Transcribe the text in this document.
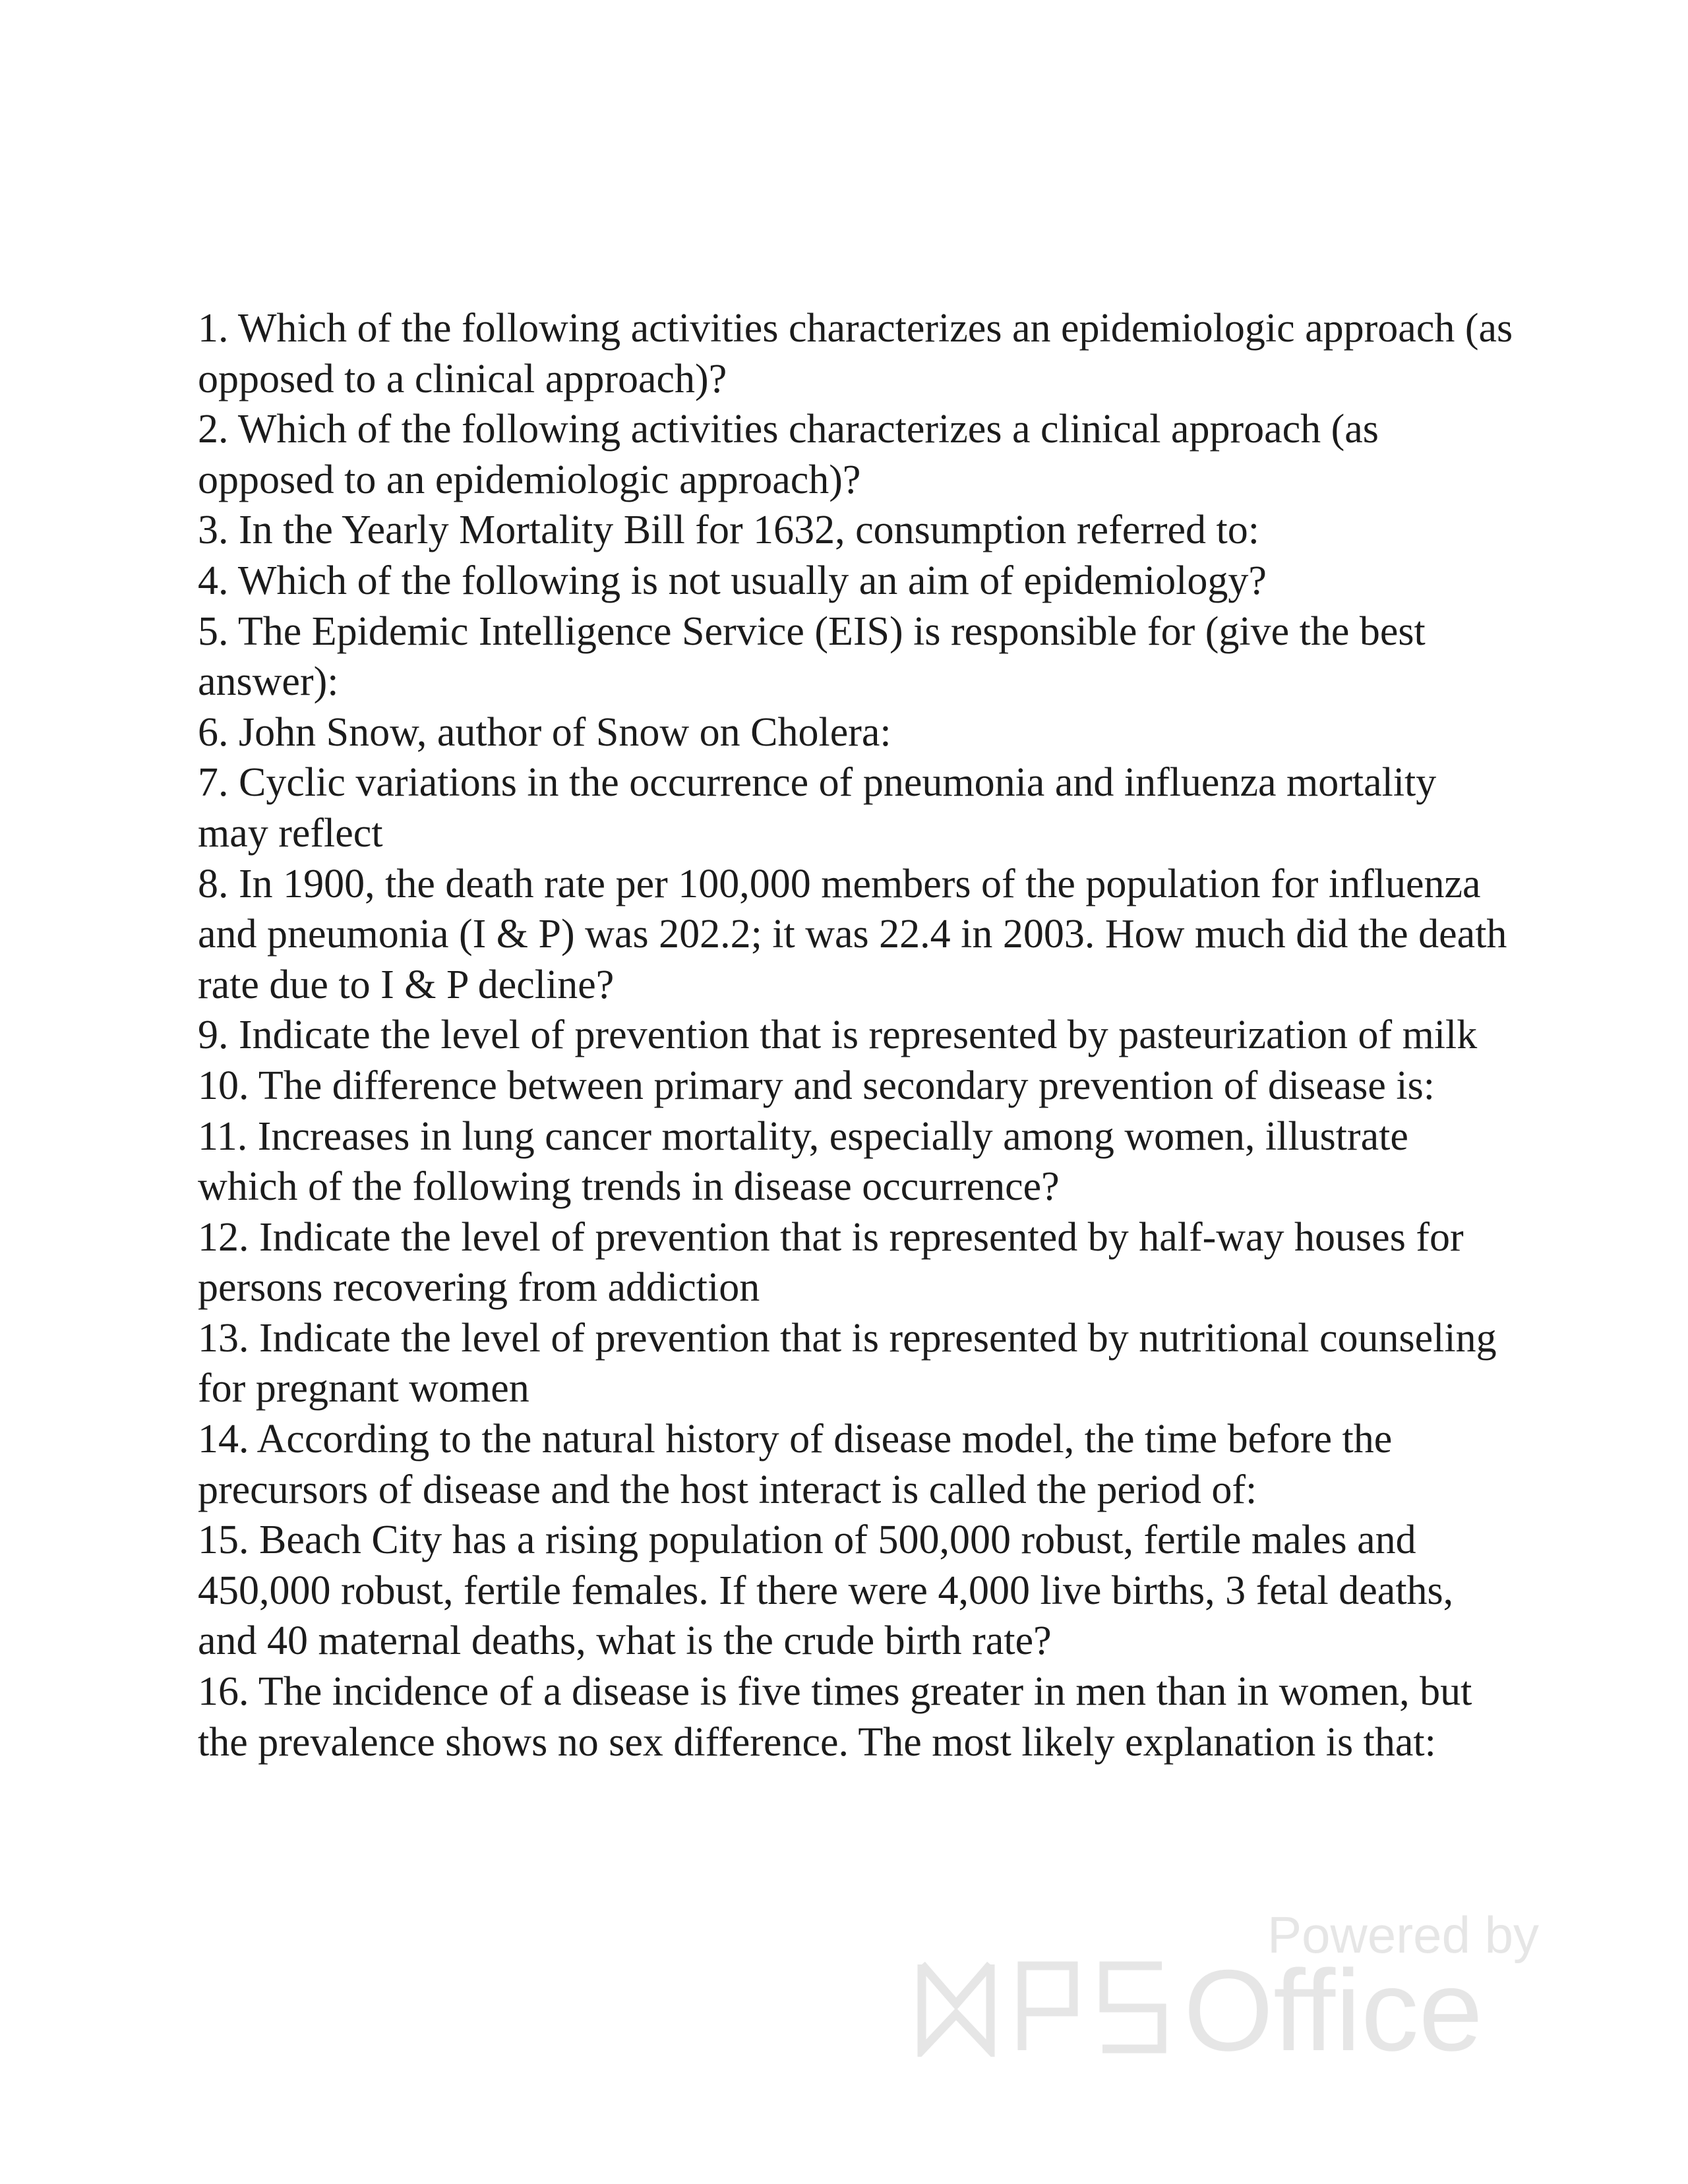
1. Which of the following activities characterizes an epidemiologic approach (as opposed to a clinical approach)?

2. Which of the following activities characterizes a clinical approach (as opposed to an epidemiologic approach)?

3. In the Yearly Mortality Bill for 1632, consumption referred to:

4. Which of the following is not usually an aim of epidemiology?

5. The Epidemic Intelligence Service (EIS) is responsible for (give the best answer):

6. John Snow, author of Snow on Cholera:

7. Cyclic variations in the occurrence of pneumonia and influenza mortality may reflect

8. In 1900, the death rate per 100,000 members of the population for influenza and pneumonia (I & P) was 202.2; it was 22.4 in 2003. How much did the death rate due to I & P decline?

9. Indicate the level of prevention that is represented by pasteurization of milk

10. The difference between primary and secondary prevention of disease is:

11. Increases in lung cancer mortality, especially among women, illustrate which of the following trends in disease occurrence?

12. Indicate the level of prevention that is represented by half-way houses for persons recovering from addiction

13. Indicate the level of prevention that is represented by nutritional counseling for pregnant women

14. According to the natural history of disease model, the time before the precursors of disease and the host interact is called the period of:

15. Beach City has a rising population of 500,000 robust, fertile males and 450,000 robust, fertile females. If there were 4,000 live births, 3 fetal deaths, and 40 maternal deaths, what is the crude birth rate?

16. The incidence of a disease is five times greater in men than in women, but the prevalence shows no sex difference. The most likely explanation is that:

Powered by
Office
